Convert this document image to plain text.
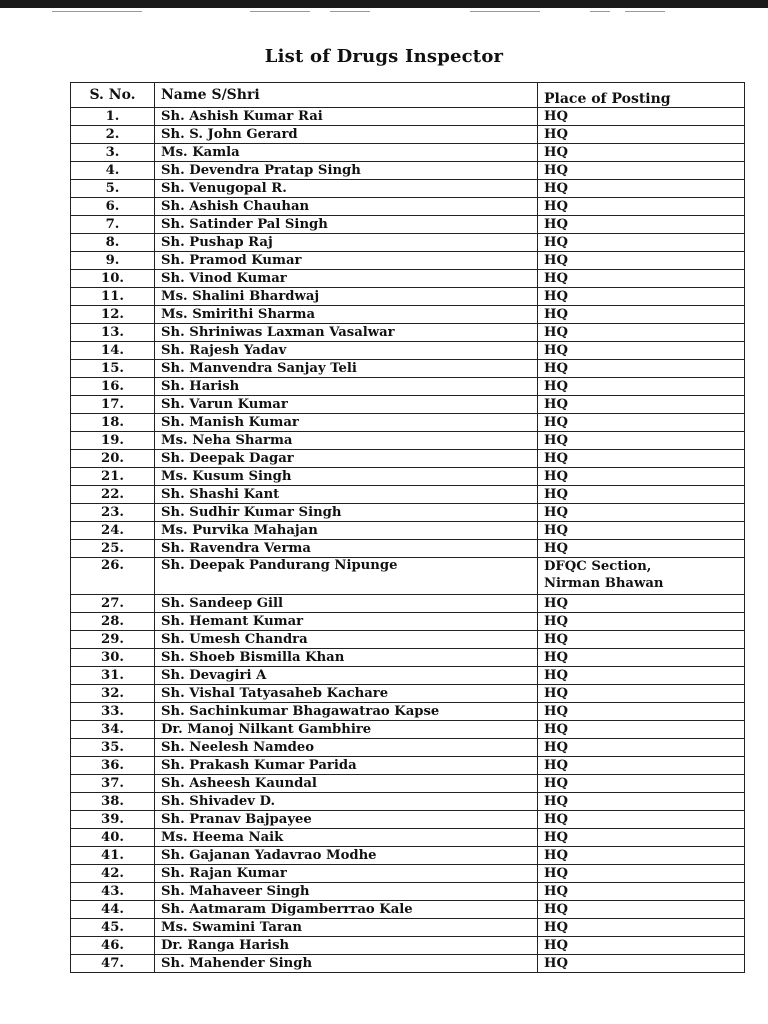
List of Drugs Inspector
S. No.	Name S/Shri	Place of Posting
1.	Sh. Ashish Kumar Rai	HQ
2.	Sh. S. John Gerard	HQ
3.	Ms. Kamla	HQ
4.	Sh. Devendra Pratap Singh	HQ
5.	Sh. Venugopal R.	HQ
6.	Sh. Ashish Chauhan	HQ
7.	Sh. Satinder Pal Singh	HQ
8.	Sh. Pushap Raj	HQ
9.	Sh. Pramod Kumar	HQ
10.	Sh. Vinod Kumar	HQ
11.	Ms. Shalini Bhardwaj	HQ
12.	Ms. Smirithi Sharma	HQ
13.	Sh. Shriniwas Laxman Vasalwar	HQ
14.	Sh. Rajesh Yadav	HQ
15.	Sh. Manvendra Sanjay Teli	HQ
16.	Sh. Harish	HQ
17.	Sh. Varun Kumar	HQ
18.	Sh. Manish Kumar	HQ
19.	Ms. Neha Sharma	HQ
20.	Sh. Deepak Dagar	HQ
21.	Ms. Kusum Singh	HQ
22.	Sh. Shashi Kant	HQ
23.	Sh. Sudhir Kumar Singh	HQ
24.	Ms. Purvika Mahajan	HQ
25.	Sh. Ravendra Verma	HQ
26.	Sh. Deepak Pandurang Nipunge	DFQC Section,
Nirman Bhawan

27.	Sh. Sandeep Gill	HQ
28.	Sh. Hemant Kumar	HQ
29.	Sh. Umesh Chandra	HQ
30.	Sh. Shoeb Bismilla Khan	HQ
31.	Sh. Devagiri A	HQ
32.	Sh. Vishal Tatyasaheb Kachare	HQ
33.	Sh. Sachinkumar Bhagawatrao Kapse	HQ
34.	Dr. Manoj Nilkant Gambhire	HQ
35.	Sh. Neelesh Namdeo	HQ
36.	Sh. Prakash Kumar Parida	HQ
37.	Sh. Asheesh Kaundal	HQ
38.	Sh. Shivadev D.	HQ
39.	Sh. Pranav Bajpayee	HQ
40.	Ms. Heema Naik	HQ
41.	Sh. Gajanan Yadavrao Modhe	HQ
42.	Sh. Rajan Kumar	HQ
43.	Sh. Mahaveer Singh	HQ
44.	Sh. Aatmaram Digamberrrao Kale	HQ
45.	Ms. Swamini Taran	HQ
46.	Dr. Ranga Harish	HQ
47.	Sh. Mahender Singh	HQ
